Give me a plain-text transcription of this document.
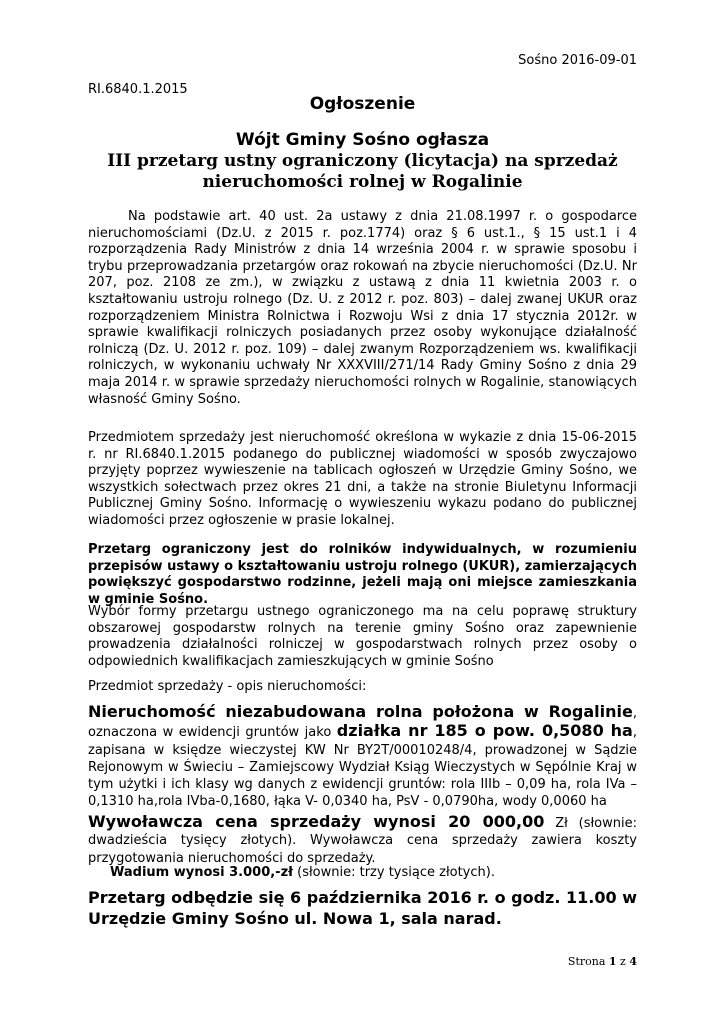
Sośno 2016-09-01
RI.6840.1.2015
Ogłoszenie
Wójt Gminy Sośno ogłasza
III przetarg ustny ograniczony (licytacja) na sprzedaż nieruchomości rolnej w Rogalinie

Na podstawie art. 40 ust. 2a ustawy z dnia 21.08.1997 r. o gospodarce nieruchomościami (Dz.U. z 2015 r. poz.1774) oraz § 6 ust.1., § 15 ust.1 i 4 rozporządzenia Rady Ministrów z dnia 14 września 2004 r. w sprawie sposobu i trybu przeprowadzania przetargów oraz rokowań na zbycie nieruchomości (Dz.U. Nr 207, poz. 2108 ze zm.), w związku z ustawą z dnia 11 kwietnia 2003 r. o kształtowaniu ustroju rolnego (Dz. U. z 2012 r. poz. 803) – dalej zwanej UKUR oraz rozporządzeniem Ministra Rolnictwa i Rozwoju Wsi z dnia 17 stycznia 2012r. w sprawie kwalifikacji rolniczych posiadanych przez osoby wykonujące działalność rolniczą (Dz. U. 2012 r. poz. 109) – dalej zwanym Rozporządzeniem ws. kwalifikacji rolniczych, w wykonaniu uchwały Nr XXXVIII/271/14 Rady Gminy Sośno z dnia 29 maja 2014 r. w sprawie sprzedaży nieruchomości rolnych w Rogalinie, stanowiących własność Gminy Sośno.

Przedmiotem sprzedaży jest nieruchomość określona w wykazie z dnia 15-06-2015 r. nr RI.6840.1.2015 podanego do publicznej wiadomości w sposób zwyczajowo przyjęty poprzez wywieszenie na tablicach ogłoszeń w Urzędzie Gminy Sośno, we wszystkich sołectwach przez okres 21 dni, a także na stronie Biuletynu Informacji Publicznej Gminy Sośno. Informację o wywieszeniu wykazu podano do publicznej wiadomości przez ogłoszenie w prasie lokalnej.

Przetarg ograniczony jest do rolników indywidualnych, w rozumieniu przepisów ustawy o kształtowaniu ustroju rolnego (UKUR), zamierzających powiększyć gospodarstwo rodzinne, jeżeli mają oni miejsce zamieszkania w gminie Sośno.

Wybór formy przetargu ustnego ograniczonego ma na celu poprawę struktury obszarowej gospodarstw rolnych na terenie gminy Sośno oraz zapewnienie prowadzenia działalności rolniczej w gospodarstwach rolnych przez osoby o odpowiednich kwalifikacjach zamieszkujących w gminie Sośno

Przedmiot sprzedaży - opis nieruchomości:

Nieruchomość niezabudowana rolna położona w Rogalinie, oznaczona w ewidencji gruntów jako działka nr 185 o pow. 0,5080 ha, zapisana w księdze wieczystej KW Nr BY2T/00010248/4, prowadzonej w Sądzie Rejonowym w Świeciu – Zamiejscowy Wydział Ksiąg Wieczystych w Sępólnie Kraj w tym użytki i ich klasy wg danych z ewidencji gruntów: rola IIIb – 0,09 ha, rola IVa – 0,1310 ha,rola IVba-0,1680, łąka V- 0,0340 ha, PsV - 0,0790ha, wody 0,0060 ha
Wywoławcza cena sprzedaży wynosi 20 000,00 Zł (słownie: dwadzieścia tysięcy złotych). Wywoławcza cena sprzedaży zawiera koszty przygotowania nieruchomości do sprzedaży.
Wadium wynosi 3.000,-zł (słownie: trzy tysiące złotych).
Przetarg odbędzie się 6 października 2016 r. o godz. 11.00 w Urzędzie Gminy Sośno ul. Nowa 1, sala narad.
Strona 1 z 4
